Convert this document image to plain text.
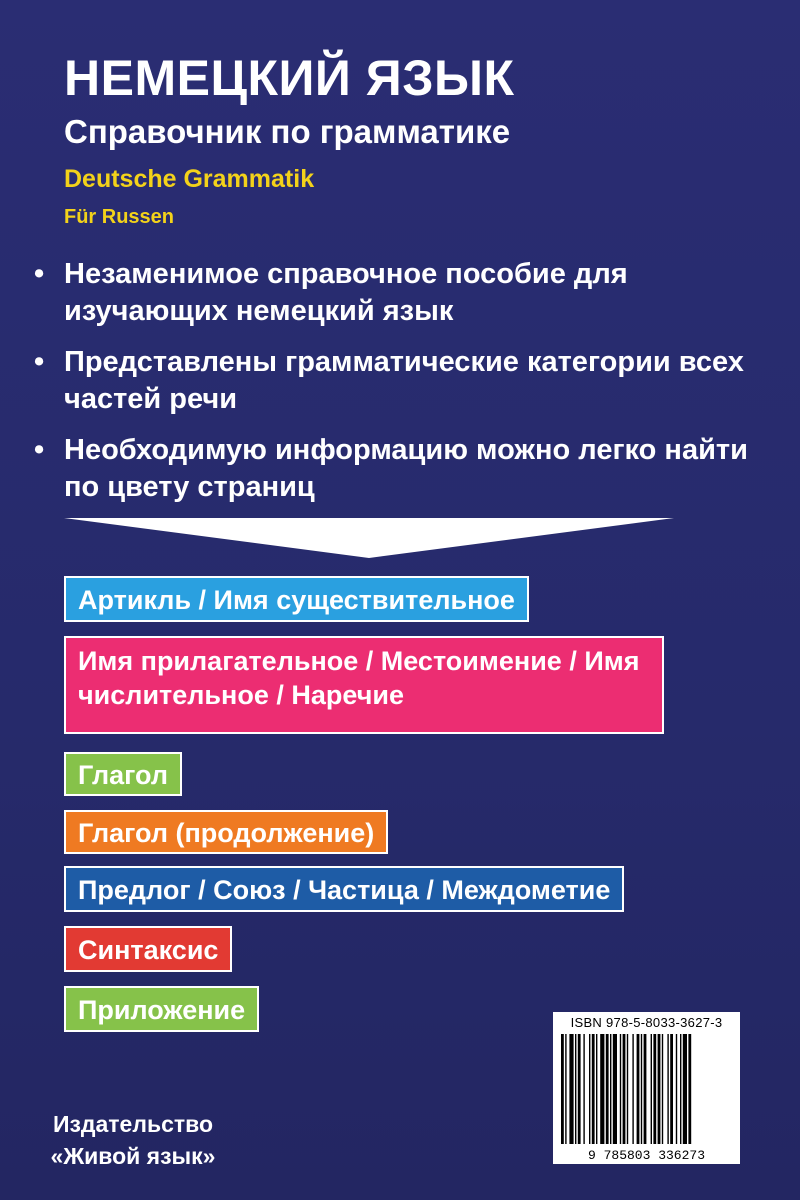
НЕМЕЦКИЙ ЯЗЫК
Справочник по грамматике
Deutsche Grammatik
Für Russen
• Незаменимое справочное пособие для изучающих немецкий язык
• Представлены грамматические категории всех частей речи
• Необходимую информацию можно легко найти по цвету страниц
Артикль / Имя существительное
Имя прилагательное / Местоимение / Имя числительное / Наречие
Глагол
Глагол (продолжение)
Предлог / Союз / Частица / Междометие
Синтаксис
Приложение	ISBN 978-5-8033-3627-3
9 785803 336273
Издательство
«Живой язык»
